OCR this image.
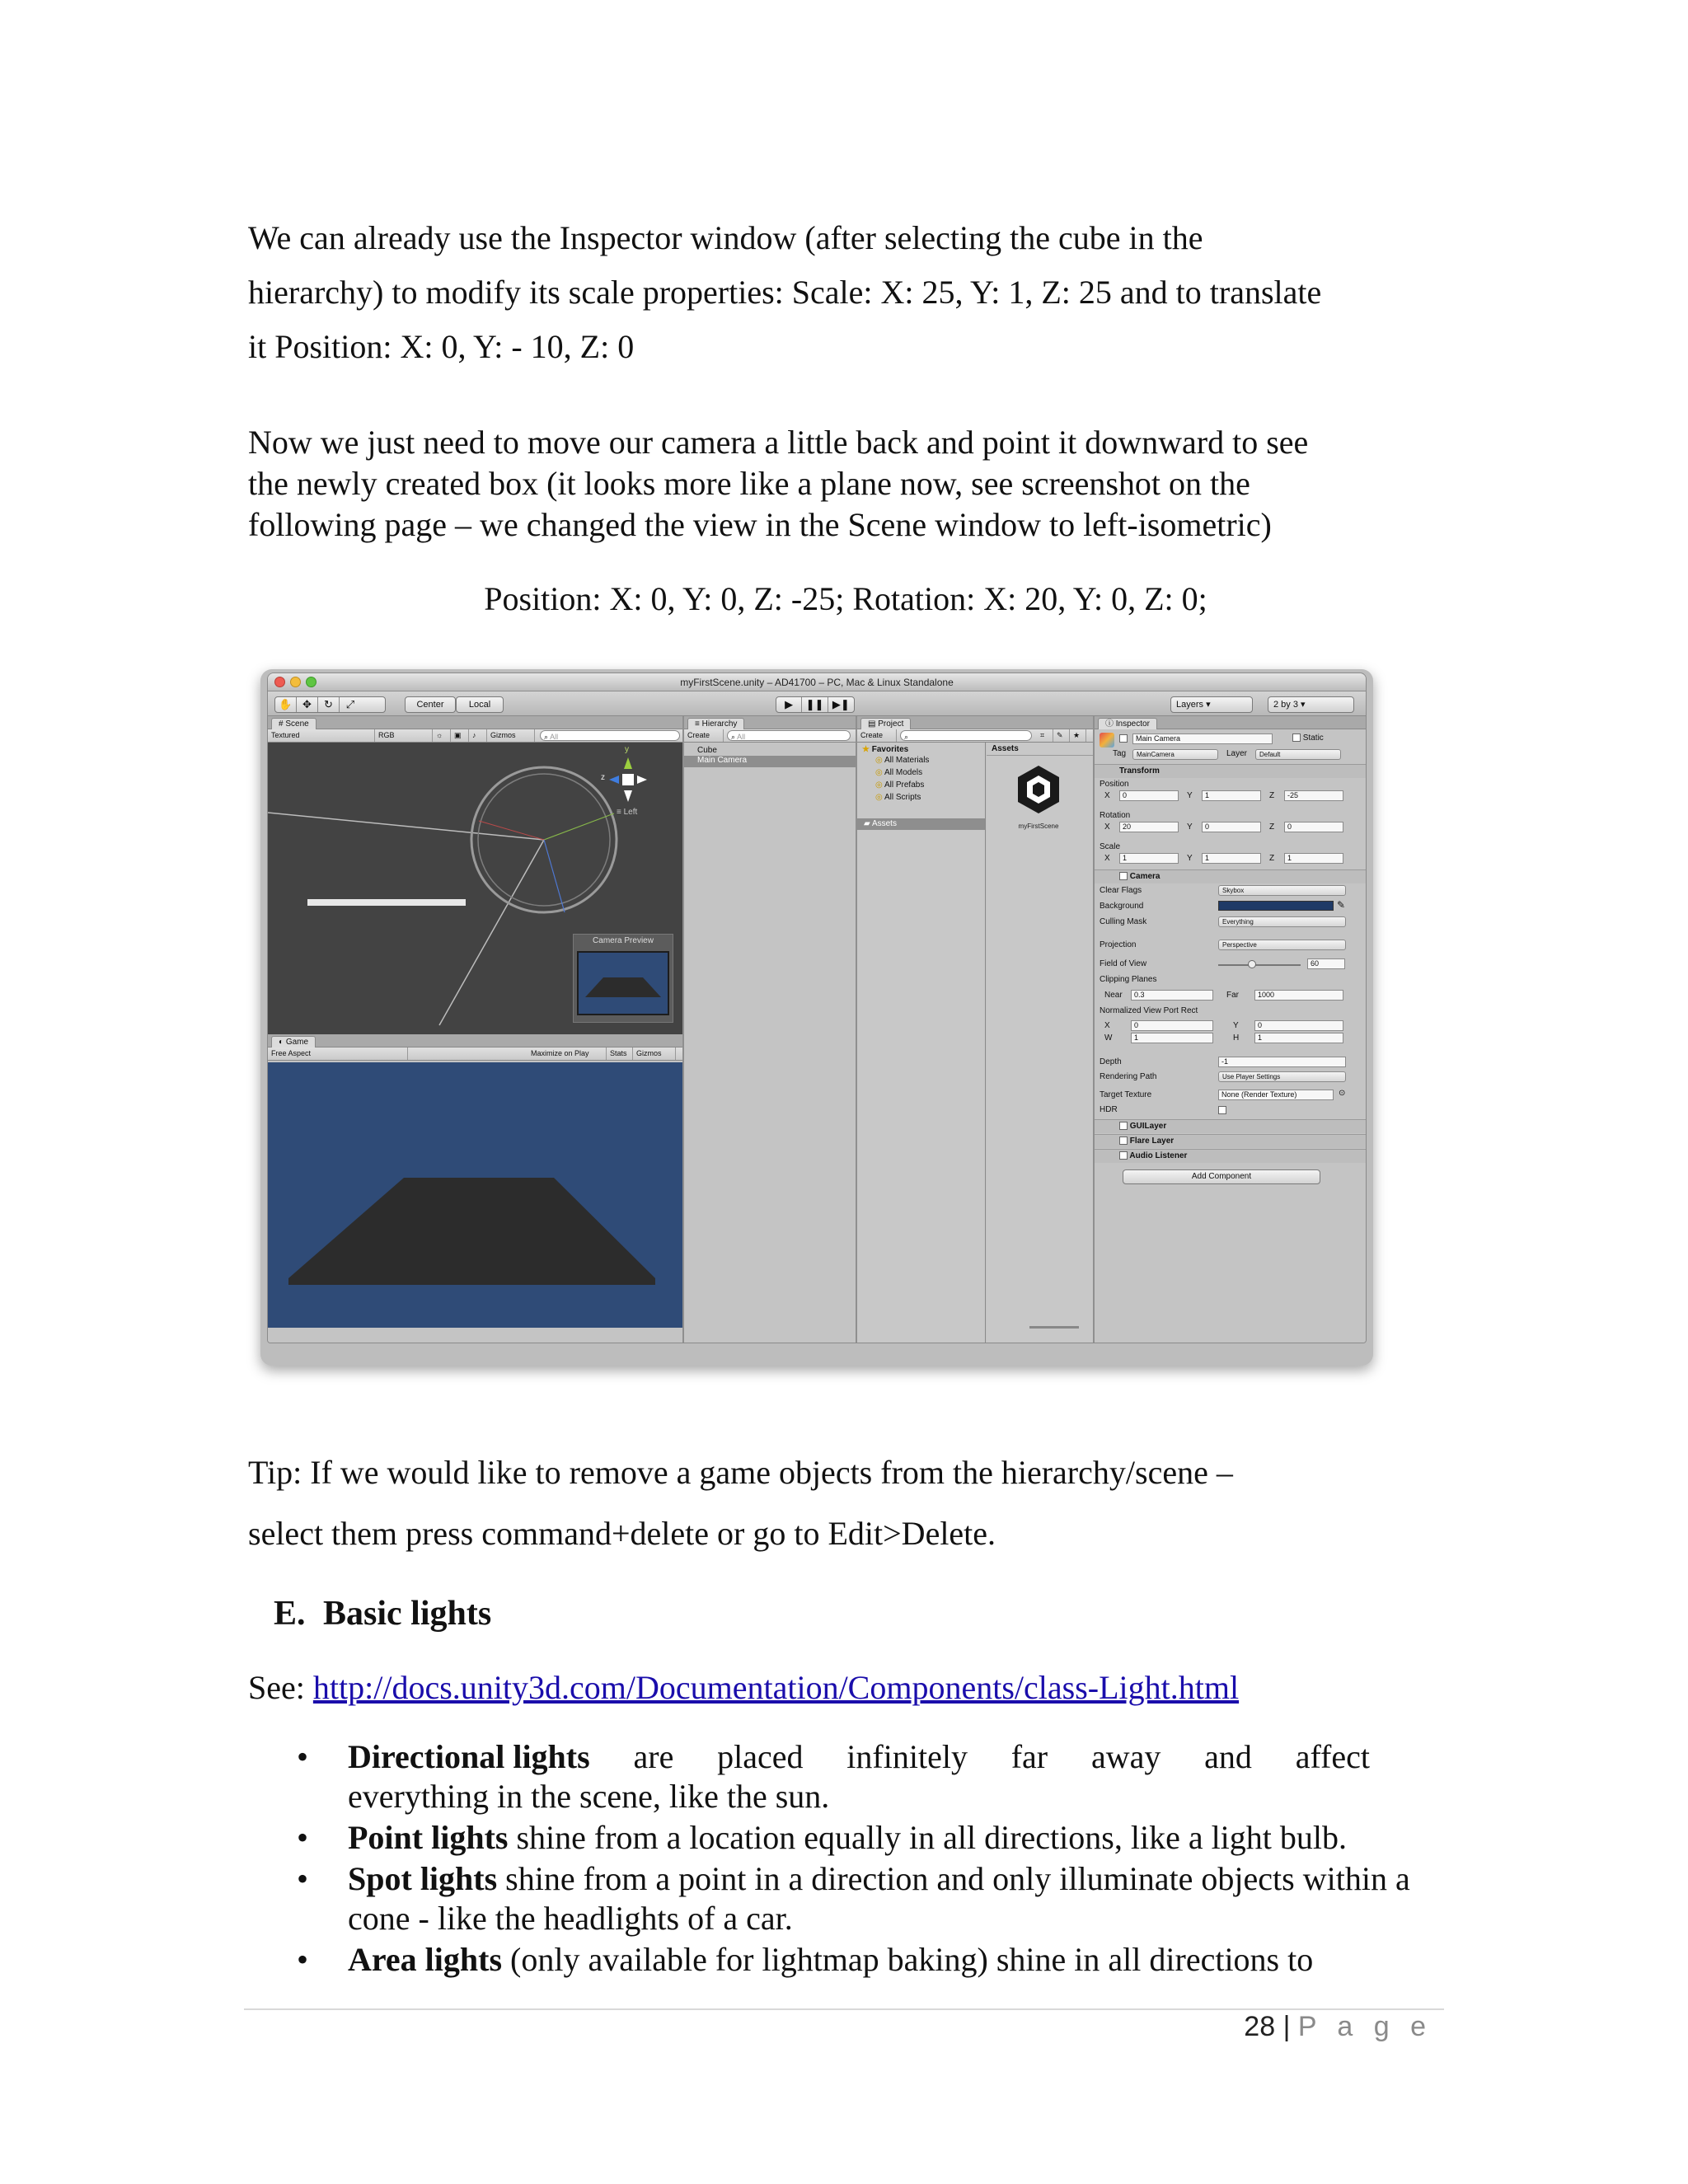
We can already use the Inspector window (after selecting the cube in the
hierarchy) to modify its scale properties: Scale: X: 25, Y: 1, Z: 25 and to translate
it Position: X: 0, Y: - 10, Z: 0
Now we just need to move our camera a little back and point it downward to see
the newly created box (it looks more like a plane now, see screenshot on the
following page – we changed the view in the Scene window to left-isometric)
Position: X: 0, Y: 0, Z: -25; Rotation: X: 20, Y: 0, Z: 0;
myFirstScene.unity – AD41700 – PC, Mac & Linux Standalone
✋ ✥	↻	⤢	Center	Local	▶	❚❚ ▶❚	Layers ▾	2 by 3 ▾
# Scene
Textured	RGB	☼	▣	♪	Gizmos	⌕ All
y
z
≡ Left
Camera Preview
◐ Game
Free Aspect	Maximize on Play	Stats	Gizmos
≡ Hierarchy
Create	⌕ All
Cube
Main Camera
▤ Project
Create	⌕	⌗	✎	★
★ Favorites
◎ All Materials
◎ All Models
◎ All Prefabs
◎ All Scripts
▰ Assets
Assets
myFirstScene
ⓘ Inspector
Main Camera	Static
Tag	MainCamera	Layer	Default
Transform
Position
X	0	Y	1	Z	-25
Rotation
X	20	Y	0	Z	0
Scale
X	1	Y	1	Z	1
Camera
Clear Flags	Skybox
Background	✎
Culling Mask	Everything
Projection	Perspective
Field of View	60
Clipping Planes
Near	0.3	Far	1000
Normalized View Port Rect
X	0	Y	0
W	1	H	1
Depth	-1
Rendering Path	Use Player Settings
Target Texture	None (Render Texture)	⊙
HDR
GUILayer
Flare Layer
Audio Listener
Add Component
Tip: If we would like to remove a game objects from the hierarchy/scene –
select them press command+delete or go to Edit>Delete.
E. Basic lights
See: http://docs.unity3d.com/Documentation/Components/class-Light.html
• Directional lights are placed infinitely far away and affect
everything in the scene, like the sun.
• Point lights shine from a location equally in all directions, like a light bulb.
• Spot lights shine from a point in a direction and only illuminate objects within a cone - like the headlights of a car.
• Area lights (only available for lightmap baking) shine in all directions to
28 | P a g e
